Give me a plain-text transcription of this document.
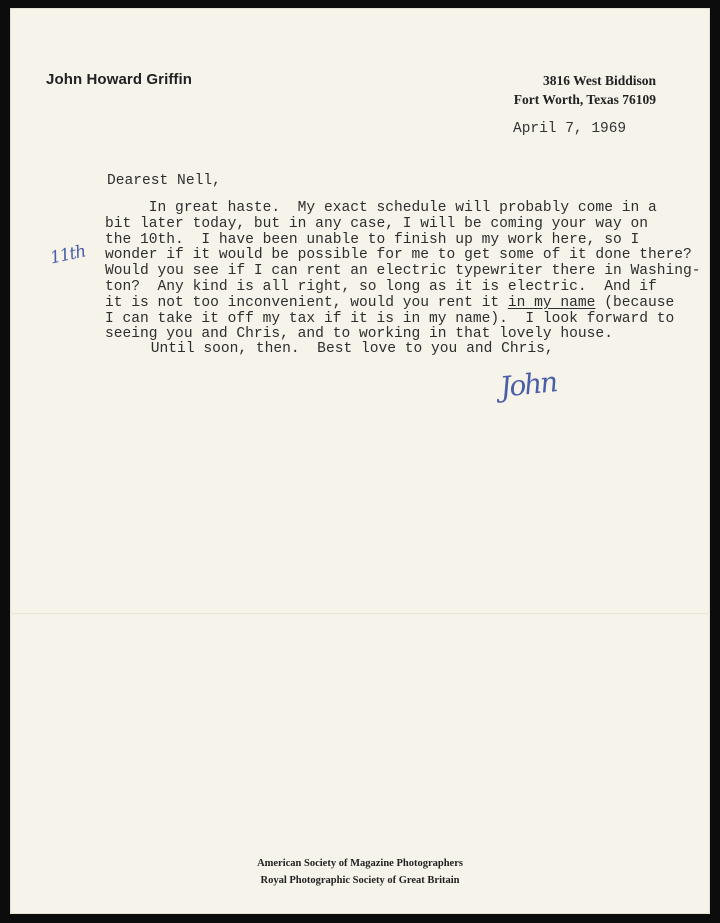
John Howard Griffin	3816 West Biddison
Fort Worth, Texas 76109
April 7, 1969
Dearest Nell,
In great haste.  My exact schedule will probably come in a
bit later today, but in any case, I will be coming your way on
the 10th.  I have been unable to finish up my work here, so I
wonder if it would be possible for me to get some of it done there?
Would you see if I can rent an electric typewriter there in Washing-
ton?  Any kind is all right, so long as it is electric.  And if
it is not too inconvenient, would you rent it in my name (because
I can take it off my tax if it is in my name).  I look forward to
seeing you and Chris, and to working in that lovely house.
Until soon, then.  Best love to you and Chris,
11th
John
American Society of Magazine Photographers
Royal Photographic Society of Great Britain
